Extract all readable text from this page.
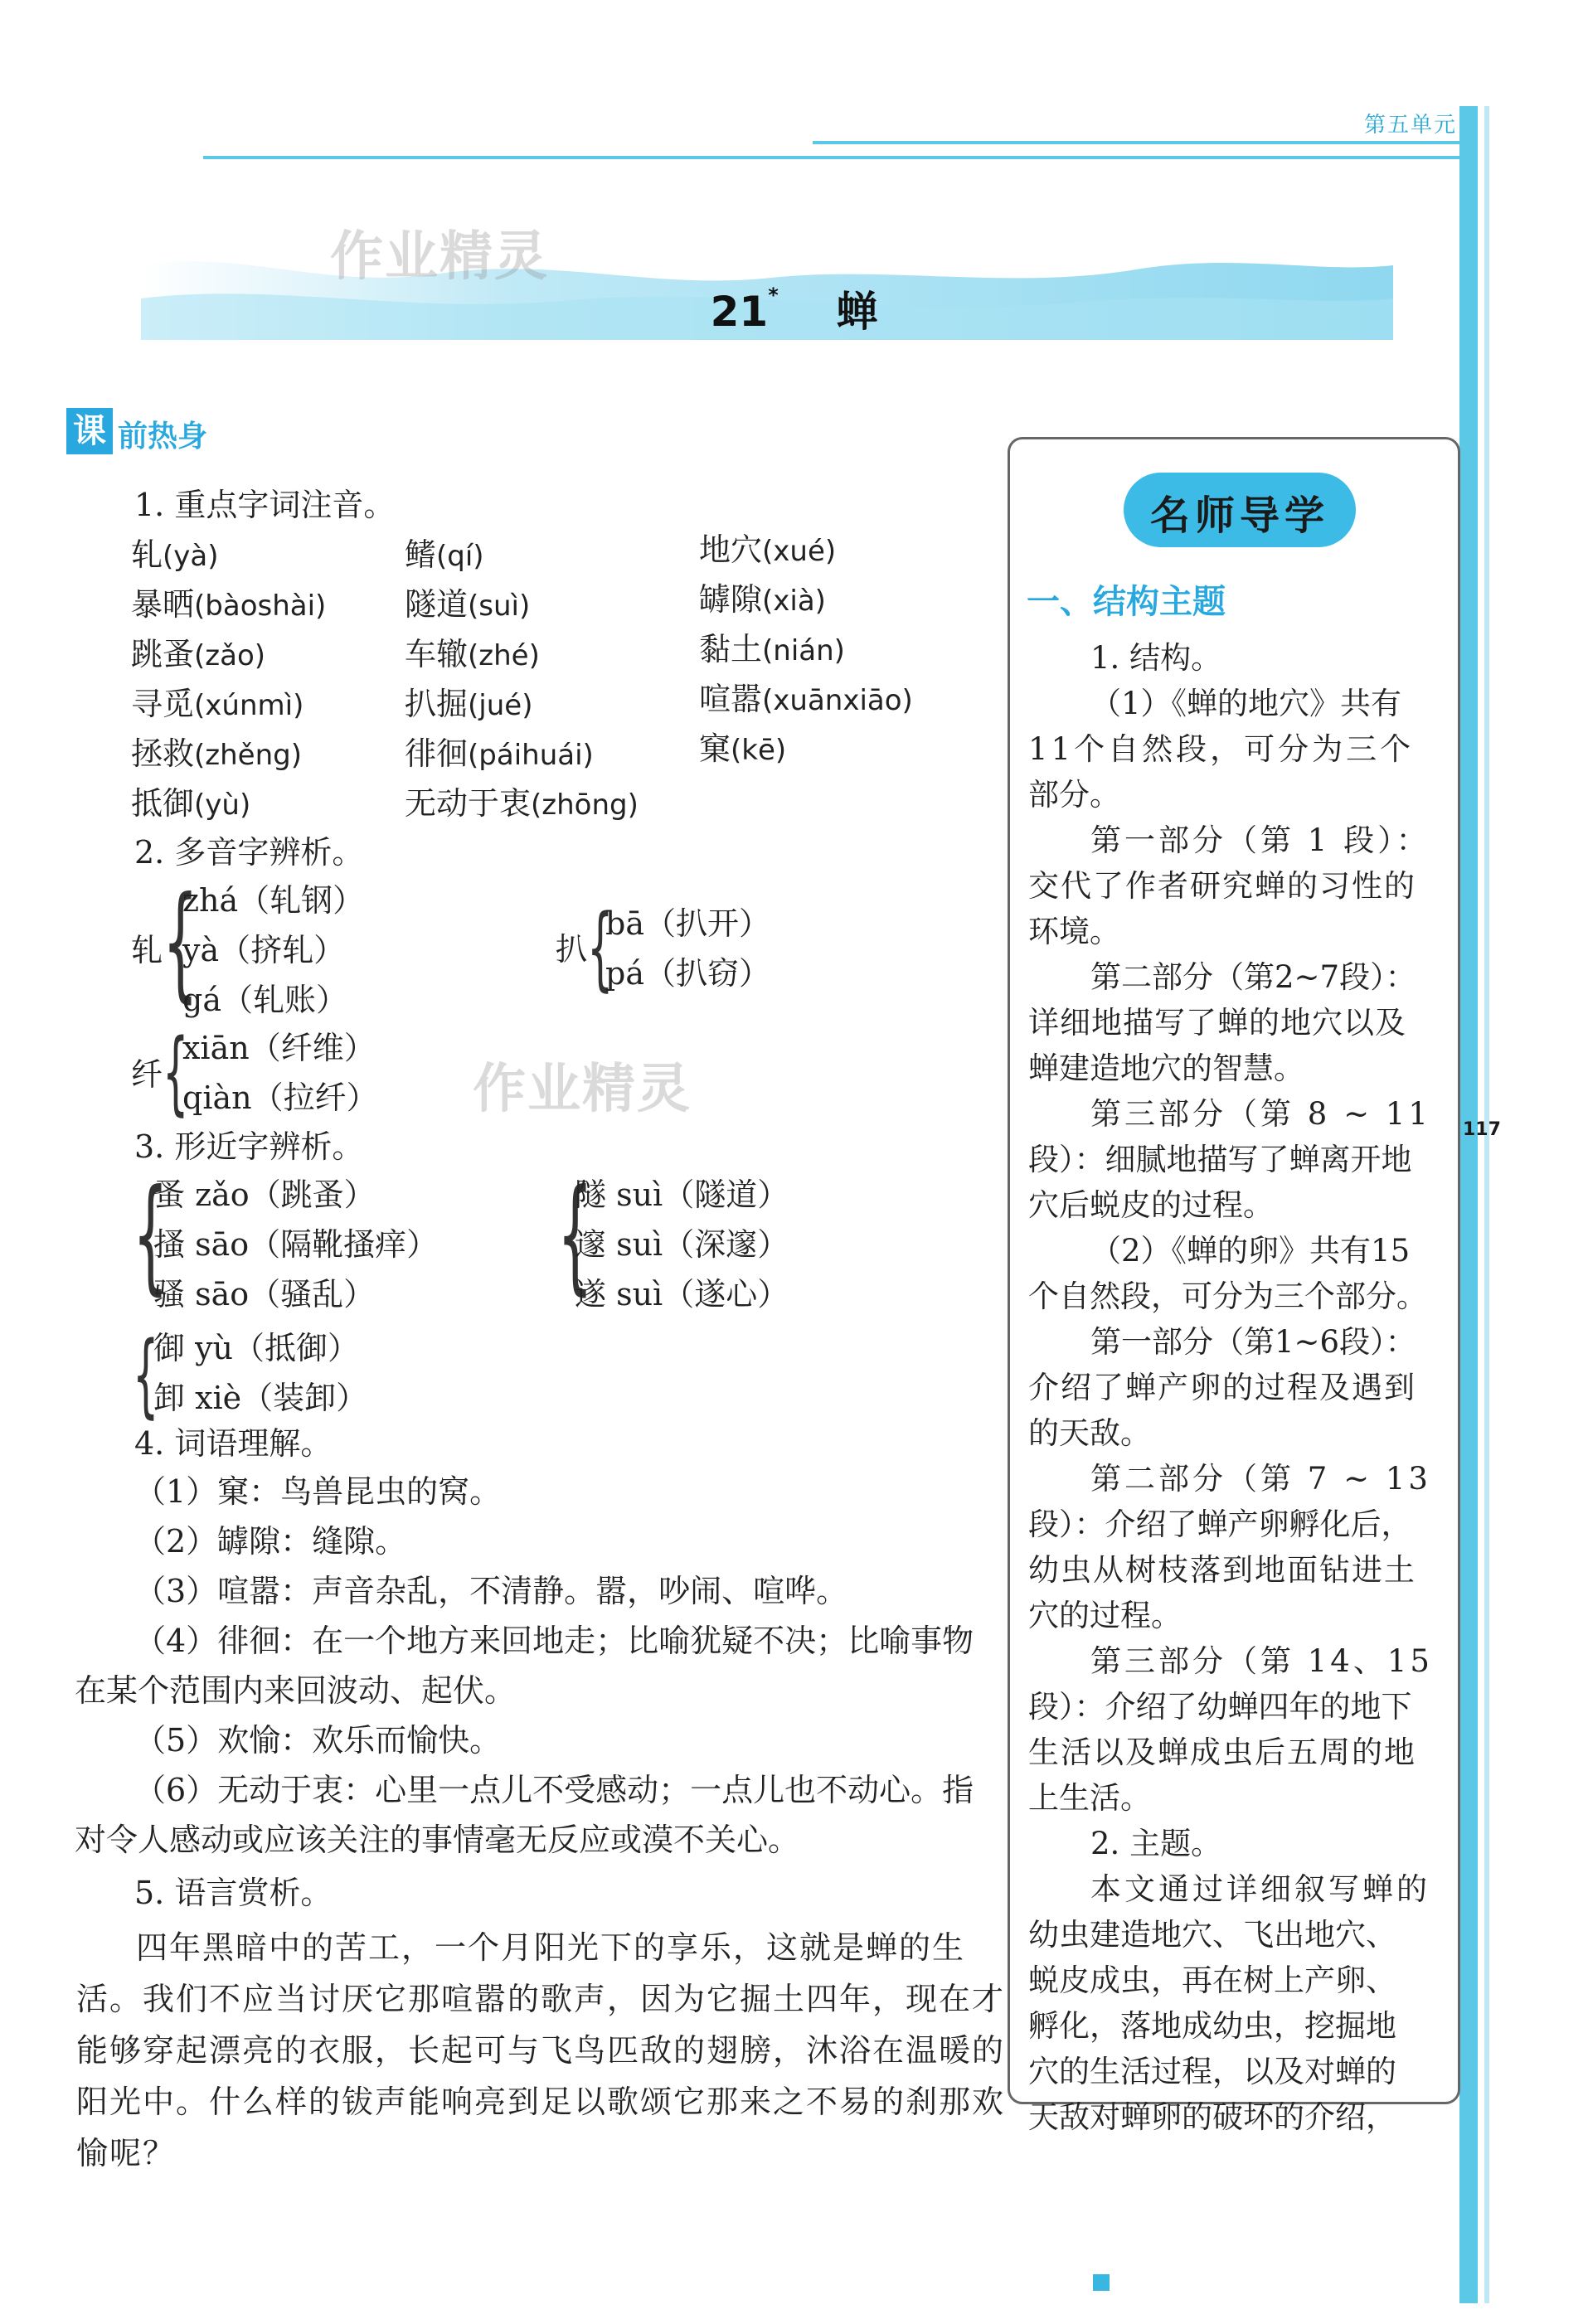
第五单元
117
作业精灵
21* 蝉
课 前热身
1. 重点字词注音。
轧(yà)
暴晒(bàoshài)
跳蚤(zǎo)
寻觅(xúnmì)
拯救(zhěng)
抵御(yù)
鳍(qí)
隧道(suì)
车辙(zhé)
扒掘(jué)
徘徊(páihuái)
无动于衷(zhōng)
地穴(xué)
罅隙(xià)
黏土(nián)
喧嚣(xuānxiāo)
窠(kē)
2. 多音字辨析。
轧 {
zhá（轧钢）
yà（挤轧）
gá（轧账）
扒 {
bā（扒开）
pá（扒窃）
纤 {
xiān（纤维）
qiàn（拉纤） 作业精灵
3. 形近字辨析。
{
蚤 zǎo（跳蚤）
搔 sāo（隔靴搔痒）
骚 sāo（骚乱）	{
隧 suì（隧道）
邃 suì（深邃）
遂 suì（遂心）
{
御 yù（抵御）
卸 xiè（装卸）
4. 词语理解。
（1）窠：鸟兽昆虫的窝。
（2）罅隙：缝隙。
（3）喧嚣：声音杂乱，不清静。嚣，吵闹、喧哗。
（4）徘徊：在一个地方来回地走；比喻犹疑不决；比喻事物
在某个范围内来回波动、起伏。
（5）欢愉：欢乐而愉快。
（6）无动于衷：心里一点儿不受感动；一点儿也不动心。指
对令人感动或应该关注的事情毫无反应或漠不关心。
5. 语言赏析。
四年黑暗中的苦工，一个月阳光下的享乐，这就是蝉的生
活。我们不应当讨厌它那喧嚣的歌声，因为它掘土四年，现在才
能够穿起漂亮的衣服，长起可与飞鸟匹敌的翅膀，沐浴在温暖的
阳光中。什么样的钹声能响亮到足以歌颂它那来之不易的刹那欢
愉呢？
名师导学
一、结构主题
1. 结构。
（1）《蝉的地穴》共有
11个自然段，可分为三个
部分。
第一部分（第 1 段）：
交代了作者研究蝉的习性的
环境。
第二部分（第2~7段）：
详细地描写了蝉的地穴以及
蝉建造地穴的智慧。
第三部分（第 8 ~ 11
段）：细腻地描写了蝉离开地
穴后蜕皮的过程。
（2）《蝉的卵》共有15
个自然段，可分为三个部分。
第一部分（第1~6段）：
介绍了蝉产卵的过程及遇到
的天敌。
第二部分（第 7 ~ 13
段）：介绍了蝉产卵孵化后，
幼虫从树枝落到地面钻进土
穴的过程。
第三部分（第 14、15
段）：介绍了幼蝉四年的地下
生活以及蝉成虫后五周的地
上生活。
2. 主题。
本文通过详细叙写蝉的
幼虫建造地穴、飞出地穴、
蜕皮成虫，再在树上产卵、
孵化，落地成幼虫，挖掘地
穴的生活过程，以及对蝉的
天敌对蝉卵的破坏的介绍，
